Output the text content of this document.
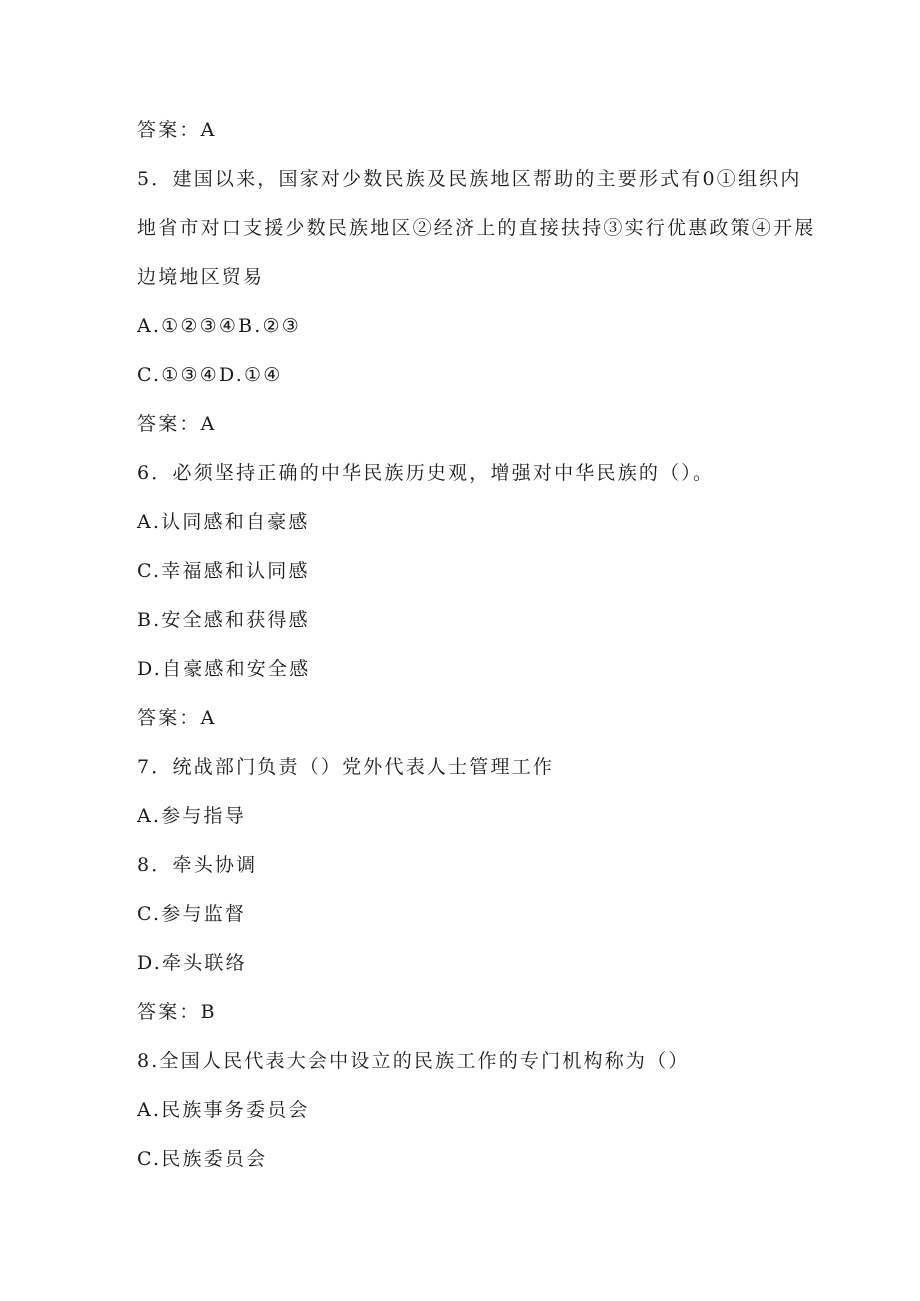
答案：A
5．建国以来，国家对少数民族及民族地区帮助的主要形式有0①组织内
地省市对口支援少数民族地区②经济上的直接扶持③实行优惠政策④开展
边境地区贸易
A.①②③④B.②③
C.①③④D.①④
答案：A
6．必须坚持正确的中华民族历史观，增强对中华民族的（）。
A.认同感和自豪感
C.幸福感和认同感
B.安全感和获得感
D.自豪感和安全感
答案：A
7．统战部门负责（）党外代表人士管理工作
A.参与指导
8．牵头协调
C.参与监督
D.牵头联络
答案：B
8.全国人民代表大会中设立的民族工作的专门机构称为（）
A.民族事务委员会
C.民族委员会
